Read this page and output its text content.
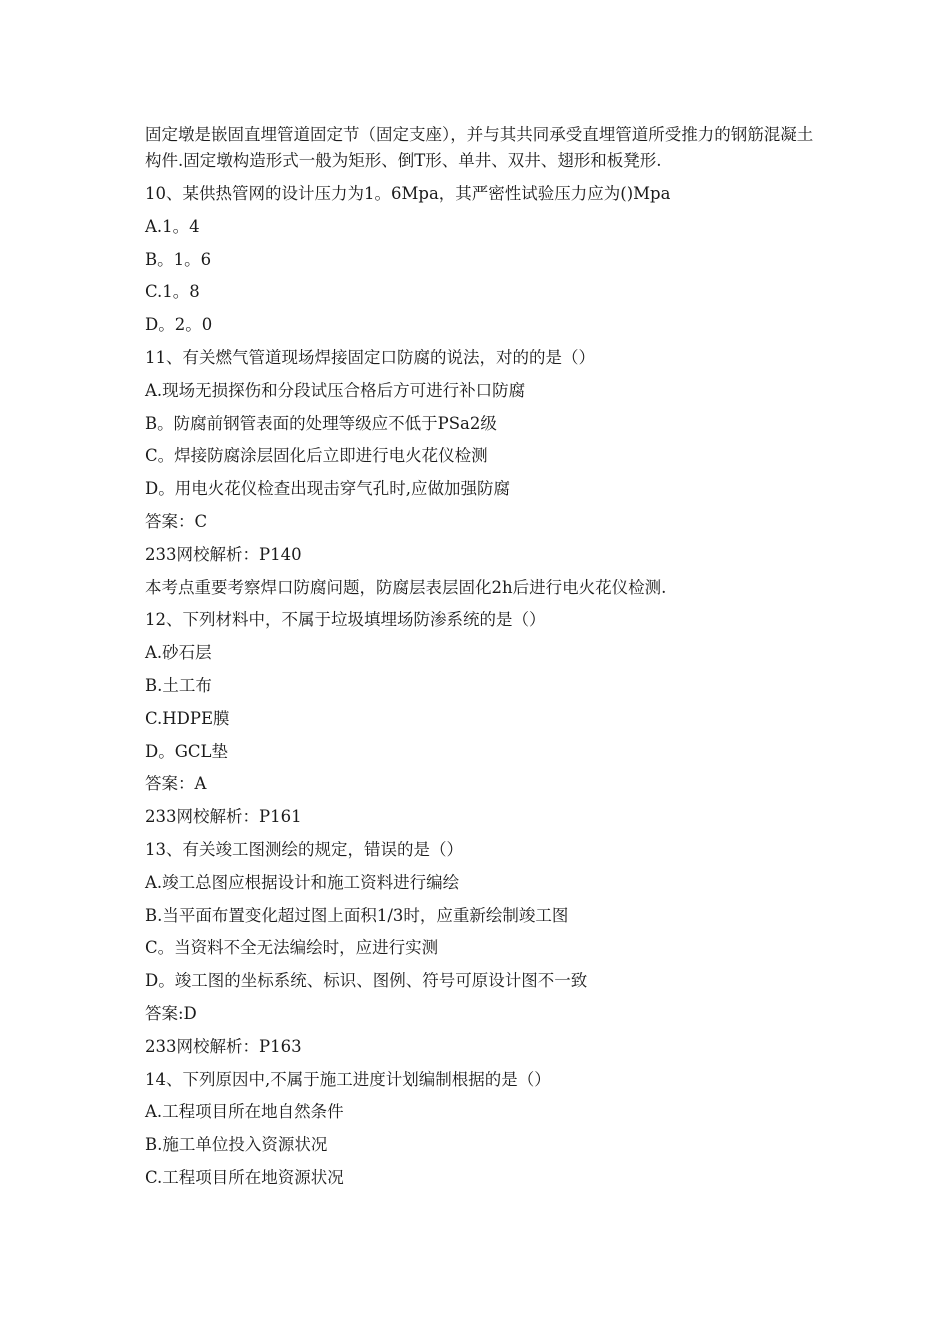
固定墩是嵌固直埋管道固定节（固定支座），并与其共同承受直埋管道所受推力的钢筋混凝土构件.固定墩构造形式一般为矩形、倒T形、单井、双井、翅形和板凳形.

10、某供热管网的设计压力为1。6Mpa，其严密性试验压力应为()Mpa

A.1。4

B。1。6

C.1。8

D。2。0

11、有关燃气管道现场焊接固定口防腐的说法，对的的是（）

A.现场无损探伤和分段试压合格后方可进行补口防腐

B。防腐前钢管表面的处理等级应不低于PSa2级

C。焊接防腐涂层固化后立即进行电火花仪检测

D。用电火花仪检查出现击穿气孔时,应做加强防腐

答案：C

233网校解析：P140

本考点重要考察焊口防腐问题，防腐层表层固化2h后进行电火花仪检测.

12、下列材料中，不属于垃圾填埋场防渗系统的是（）

A.砂石层

B.土工布

C.HDPE膜

D。GCL垫

答案：A

233网校解析：P161

13、有关竣工图测绘的规定，错误的是（）

A.竣工总图应根据设计和施工资料进行编绘

B.当平面布置变化超过图上面积1/3时，应重新绘制竣工图

C。当资料不全无法编绘时，应进行实测

D。竣工图的坐标系统、标识、图例、符号可原设计图不一致

答案:D

233网校解析：P163

14、下列原因中,不属于施工进度计划编制根据的是（）

A.工程项目所在地自然条件

B.施工单位投入资源状况

C.工程项目所在地资源状况
